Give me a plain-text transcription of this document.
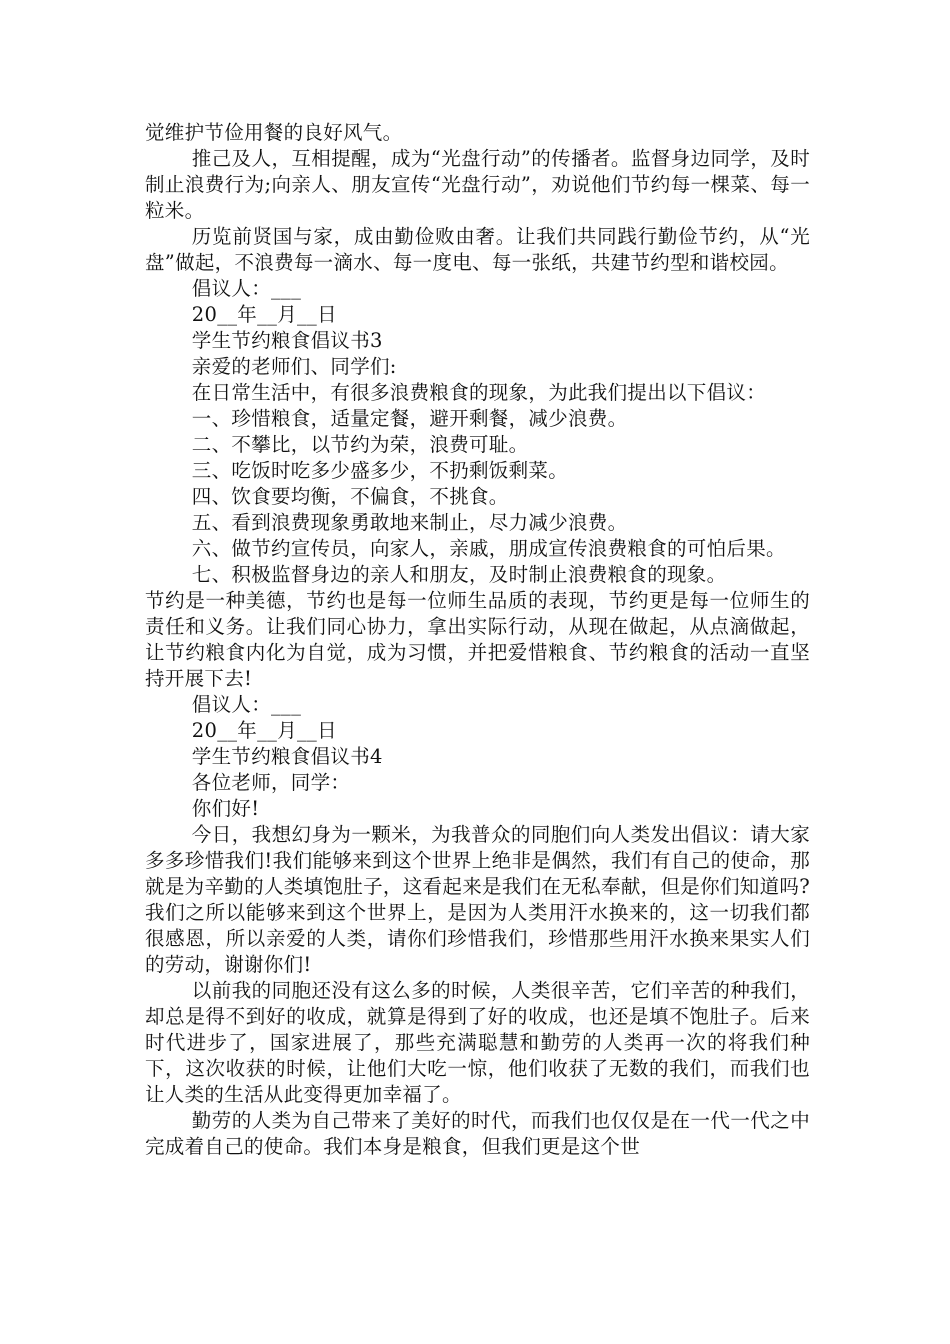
觉维护节俭用餐的良好风气。

推己及人，互相提醒，成为“光盘行动”的传播者。监督身边同学，及时制止浪费行为;向亲人、朋友宣传“光盘行动”，劝说他们节约每一棵菜、每一粒米。

历览前贤国与家，成由勤俭败由奢。让我们共同践行勤俭节约，从“光盘”做起，不浪费每一滴水、每一度电、每一张纸，共建节约型和谐校园。

倡议人：___

20__年__月__日

学生节约粮食倡议书3

亲爱的老师们、同学们:

在日常生活中，有很多浪费粮食的现象，为此我们提出以下倡议：

一、珍惜粮食，适量定餐，避开剩餐，减少浪费。

二、不攀比，以节约为荣，浪费可耻。

三、吃饭时吃多少盛多少，不扔剩饭剩菜。

四、饮食要均衡，不偏食，不挑食。

五、看到浪费现象勇敢地来制止，尽力减少浪费。

六、做节约宣传员，向家人，亲戚，朋成宣传浪费粮食的可怕后果。

七、积极监督身边的亲人和朋友，及时制止浪费粮食的现象。

节约是一种美德，节约也是每一位师生品质的表现，节约更是每一位师生的责任和义务。让我们同心协力，拿出实际行动，从现在做起，从点滴做起，让节约粮食内化为自觉，成为习惯，并把爱惜粮食、节约粮食的活动一直坚持开展下去!

倡议人：___

20__年__月__日

学生节约粮食倡议书4

各位老师，同学：

你们好!

今日，我想幻身为一颗米，为我普众的同胞们向人类发出倡议：请大家多多珍惜我们!我们能够来到这个世界上绝非是偶然，我们有自己的使命，那就是为辛勤的人类填饱肚子，这看起来是我们在无私奉献，但是你们知道吗?我们之所以能够来到这个世界上，是因为人类用汗水换来的，这一切我们都很感恩，所以亲爱的人类，请你们珍惜我们，珍惜那些用汗水换来果实人们的劳动，谢谢你们!

以前我的同胞还没有这么多的时候，人类很辛苦，它们辛苦的种我们，却总是得不到好的收成，就算是得到了好的收成，也还是填不饱肚子。后来时代进步了，国家进展了，那些充满聪慧和勤劳的人类再一次的将我们种下，这次收获的时候，让他们大吃一惊，他们收获了无数的我们，而我们也让人类的生活从此变得更加幸福了。

勤劳的人类为自己带来了美好的时代，而我们也仅仅是在一代一代之中完成着自己的使命。我们本身是粮食，但我们更是这个世
